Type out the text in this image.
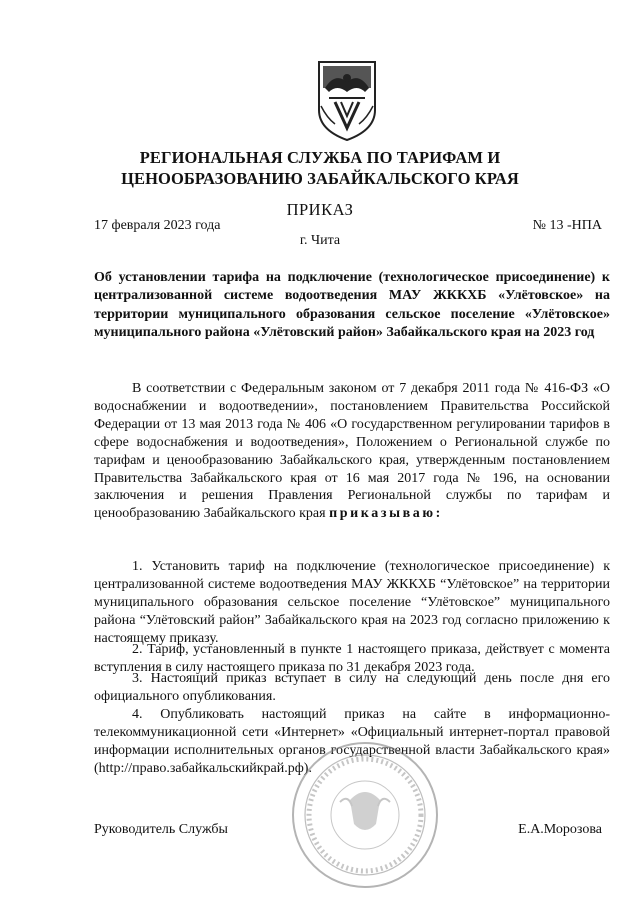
РЕГИОНАЛЬНАЯ СЛУЖБА ПО ТАРИФАМ И
ЦЕНООБРАЗОВАНИЮ ЗАБАЙКАЛЬСКОГО КРАЯ
ПРИКАЗ
17 февраля 2023 года	№ 13 -НПА
г. Чита
Об установлении тарифа на подключение (технологическое присоединение) к централизованной системе водоотведения МАУ ЖККХБ «Улётовское» на территории муниципального образования сельское поселение «Улётовское» муниципального района «Улётовский район» Забайкальского края на 2023 год
В соответствии с Федеральным законом от 7 декабря 2011 года № 416-ФЗ «О водоснабжении и водоотведении», постановлением Правительства Российской Федерации от 13 мая 2013 года № 406 «О государственном регулировании тарифов в сфере водоснабжения и водоотведения», Положением о Региональной службе по тарифам и ценообразованию Забайкальского края, утвержденным постановлением Правительства Забайкальского края от 16 мая 2017 года № 196, на основании заключения и решения Правления Региональной службы по тарифам и ценообразованию Забайкальского края приказываю:
1. Установить тариф на подключение (технологическое присоединение) к централизованной системе водоотведения МАУ ЖККХБ “Улётовское” на территории муниципального образования сельское поселение “Улётовское” муниципального района “Улётовский район” Забайкальского края на 2023 год согласно приложению к настоящему приказу.
2. Тариф, установленный в пункте 1 настоящего приказа, действует с момента вступления в силу настоящего приказа по 31 декабря 2023 года.
3. Настоящий приказ вступает в силу на следующий день после дня его официального опубликования.
4. Опубликовать настоящий приказ на сайте в информационно-телекоммуникационной сети «Интернет» «Официальный интернет-портал правовой информации исполнительных органов государственной власти Забайкальского края» (http://право.забайкальскийкрай.рф).
Руководитель Службы	Е.А.Морозова
